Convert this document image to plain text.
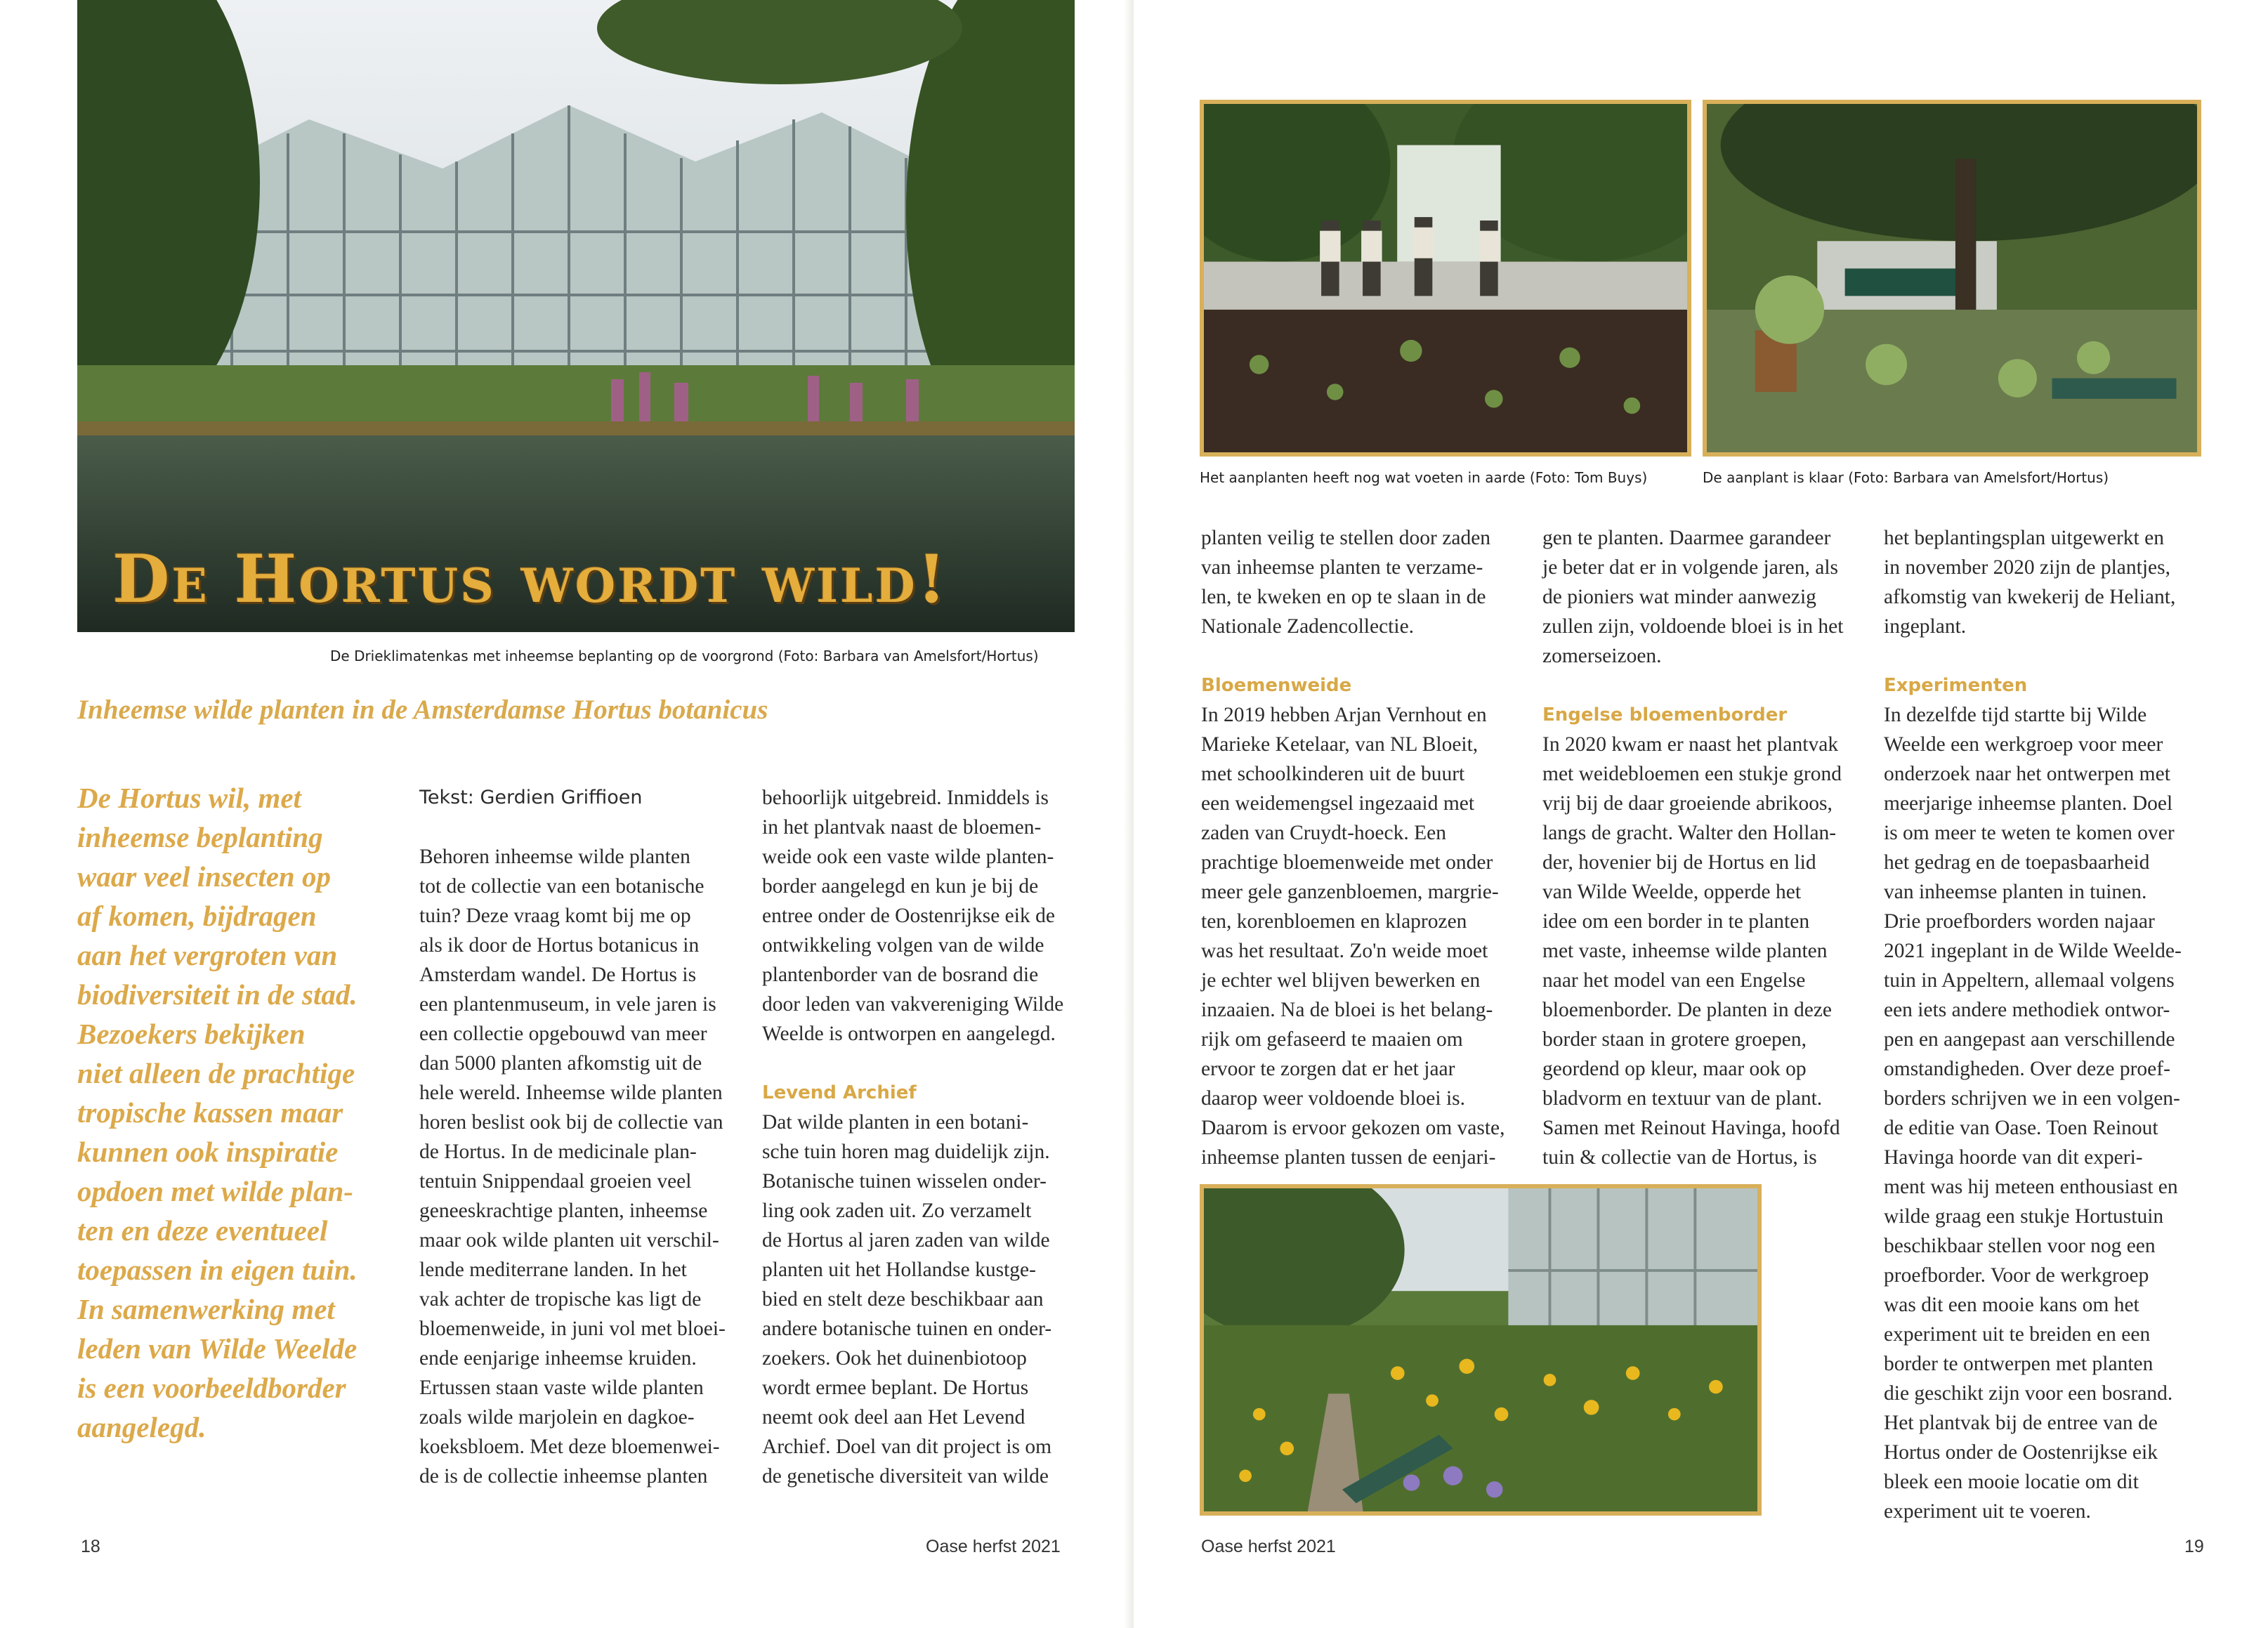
De Hortus wordt wild!
De Drieklimatenkas met inheemse beplanting op de voorgrond (Foto: Barbara van Amelsfort/Hortus)
Inheemse wilde planten in de Amsterdamse Hortus botanicus
De Hortus wil, met
inheemse beplanting
waar veel insecten op
af komen, bijdragen
aan het vergroten van
biodiversiteit in de stad.
Bezoekers bekijken
niet alleen de prachtige
tropische kassen maar
kunnen ook inspiratie
opdoen met wilde plan-
ten en deze eventueel
toepassen in eigen tuin.
In samenwerking met
leden van Wilde Weelde
is een voorbeeldborder
aangelegd.
Tekst: Gerdien Griffioen
Behoren inheemse wilde planten
tot de collectie van een botanische
tuin? Deze vraag komt bij me op
als ik door de Hortus botanicus in
Amsterdam wandel. De Hortus is
een plantenmuseum, in vele jaren is
een collectie opgebouwd van meer
dan 5000 planten afkomstig uit de
hele wereld. Inheemse wilde planten
horen beslist ook bij de collectie van
de Hortus. In de medicinale plan-
tentuin Snippendaal groeien veel
geneeskrachtige planten, inheemse
maar ook wilde planten uit verschil-
lende mediterrane landen. In het
vak achter de tropische kas ligt de
bloemenweide, in juni vol met bloei-
ende eenjarige inheemse kruiden.
Ertussen staan vaste wilde planten
zoals wilde marjolein en dagkoe-
koeksbloem. Met deze bloemenwei-
de is de collectie inheemse planten
behoorlijk uitgebreid. Inmiddels is
in het plantvak naast de bloemen-
weide ook een vaste wilde planten-
border aangelegd en kun je bij de
entree onder de Oostenrijkse eik de
ontwikkeling volgen van de wilde
plantenborder van de bosrand die
door leden van vakvereniging Wilde
Weelde is ontworpen en aangelegd.
Levend Archief
Dat wilde planten in een botani-
sche tuin horen mag duidelijk zijn.
Botanische tuinen wisselen onder-
ling ook zaden uit. Zo verzamelt
de Hortus al jaren zaden van wilde
planten uit het Hollandse kustge-
bied en stelt deze beschikbaar aan
andere botanische tuinen en onder-
zoekers. Ook het duinenbiotoop
wordt ermee beplant. De Hortus
neemt ook deel aan Het Levend
Archief. Doel van dit project is om
de genetische diversiteit van wilde
18	Oase herfst 2021
Het aanplanten heeft nog wat voeten in aarde (Foto: Tom Buys)	De aanplant is klaar (Foto: Barbara van Amelsfort/Hortus)
planten veilig te stellen door zaden
van inheemse planten te verzame-
len, te kweken en op te slaan in de
Nationale Zadencollectie.
Bloemenweide
In 2019 hebben Arjan Vernhout en
Marieke Ketelaar, van NL Bloeit,
met schoolkinderen uit de buurt
een weidemengsel ingezaaid met
zaden van Cruydt-hoeck. Een
prachtige bloemenweide met onder
meer gele ganzenbloemen, margrie-
ten, korenbloemen en klaprozen
was het resultaat. Zo'n weide moet
je echter wel blijven bewerken en
inzaaien. Na de bloei is het belang-
rijk om gefaseerd te maaien om
ervoor te zorgen dat er het jaar
daarop weer voldoende bloei is.
Daarom is ervoor gekozen om vaste,
inheemse planten tussen de eenjari-
gen te planten. Daarmee garandeer
je beter dat er in volgende jaren, als
de pioniers wat minder aanwezig
zullen zijn, voldoende bloei is in het
zomerseizoen.
Engelse bloemenborder
In 2020 kwam er naast het plantvak
met weidebloemen een stukje grond
vrij bij de daar groeiende abrikoos,
langs de gracht. Walter den Hollan-
der, hovenier bij de Hortus en lid
van Wilde Weelde, opperde het
idee om een border in te planten
met vaste, inheemse wilde planten
naar het model van een Engelse
bloemenborder. De planten in deze
border staan in grotere groepen,
geordend op kleur, maar ook op
bladvorm en textuur van de plant.
Samen met Reinout Havinga, hoofd
tuin & collectie van de Hortus, is
het beplantingsplan uitgewerkt en
in november 2020 zijn de plantjes,
afkomstig van kwekerij de Heliant,
ingeplant.
Experimenten
In dezelfde tijd startte bij Wilde
Weelde een werkgroep voor meer
onderzoek naar het ontwerpen met
meerjarige inheemse planten. Doel
is om meer te weten te komen over
het gedrag en de toepasbaarheid
van inheemse planten in tuinen.
Drie proefborders worden najaar
2021 ingeplant in de Wilde Weelde-
tuin in Appeltern, allemaal volgens
een iets andere methodiek ontwor-
pen en aangepast aan verschillende
omstandigheden. Over deze proef-
borders schrijven we in een volgen-
de editie van Oase. Toen Reinout
Havinga hoorde van dit experi-
ment was hij meteen enthousiast en
wilde graag een stukje Hortustuin
beschikbaar stellen voor nog een
proefborder. Voor de werkgroep
was dit een mooie kans om het
experiment uit te breiden en een
border te ontwerpen met planten
die geschikt zijn voor een bosrand.
Het plantvak bij de entree van de
Hortus onder de Oostenrijkse eik
bleek een mooie locatie om dit
experiment uit te voeren.
Oase herfst 2021	19
